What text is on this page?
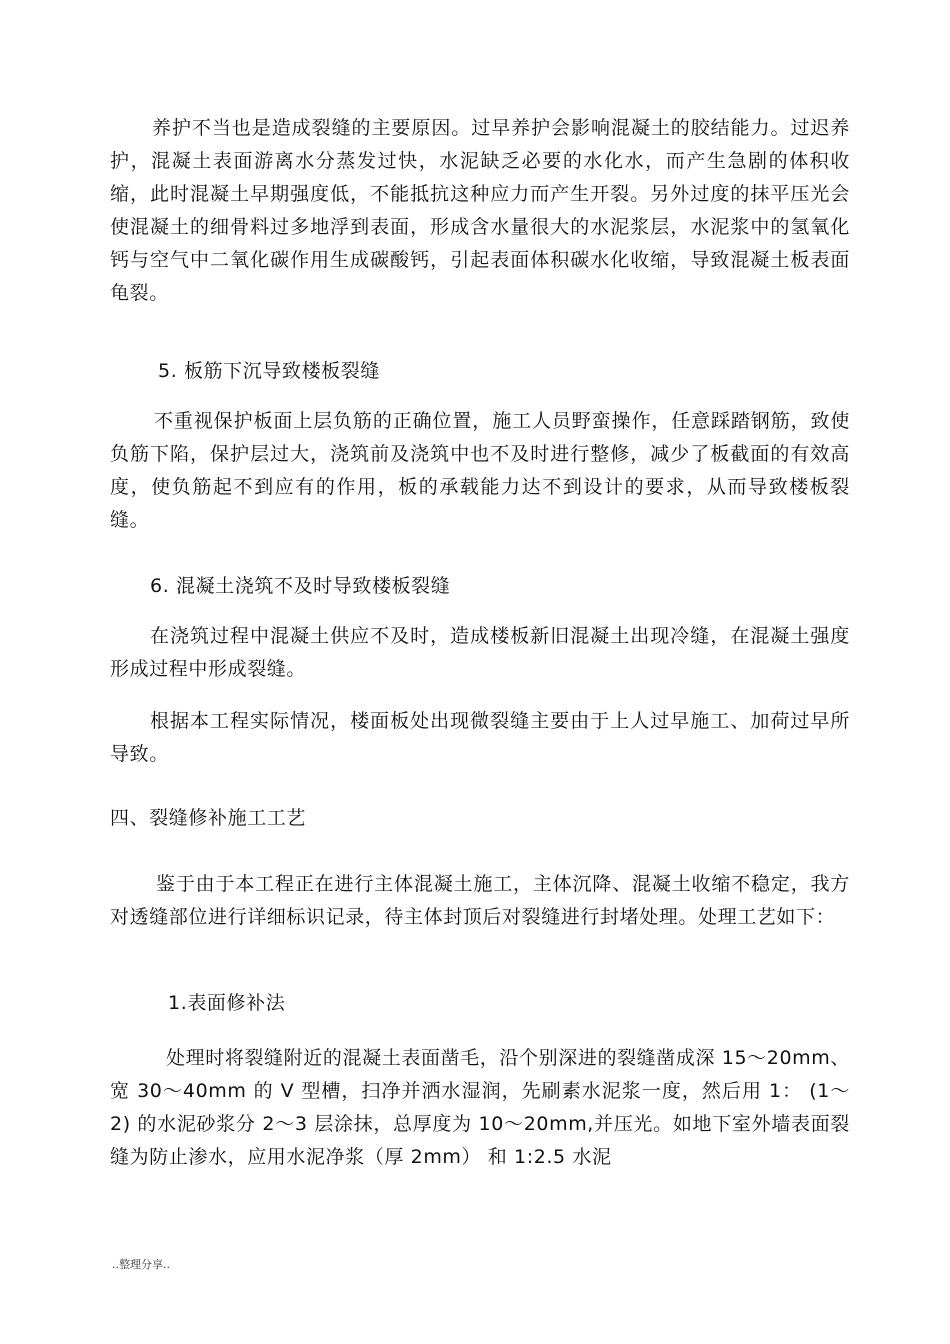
养护不当也是造成裂缝的主要原因。过早养护会影响混凝土的胶结能力。过迟养护，混凝土表面游离水分蒸发过快，水泥缺乏必要的水化水，而产生急剧的体积收缩，此时混凝土早期强度低，不能抵抗这种应力而产生开裂。另外过度的抹平压光会使混凝土的细骨料过多地浮到表面，形成含水量很大的水泥浆层，水泥浆中的氢氧化钙与空气中二氧化碳作用生成碳酸钙，引起表面体积碳水化收缩，导致混凝土板表面龟裂。

5. 板筋下沉导致楼板裂缝

不重视保护板面上层负筋的正确位置，施工人员野蛮操作，任意踩踏钢筋，致使负筋下陷，保护层过大，浇筑前及浇筑中也不及时进行整修，减少了板截面的有效高度，使负筋起不到应有的作用，板的承载能力达不到设计的要求，从而导致楼板裂缝。

6. 混凝土浇筑不及时导致楼板裂缝

在浇筑过程中混凝土供应不及时，造成楼板新旧混凝土出现冷缝，在混凝土强度形成过程中形成裂缝。

根据本工程实际情况，楼面板处出现微裂缝主要由于上人过早施工、加荷过早所导致。

四、裂缝修补施工工艺

鉴于由于本工程正在进行主体混凝土施工，主体沉降、混凝土收缩不稳定，我方对透缝部位进行详细标识记录，待主体封顶后对裂缝进行封堵处理。处理工艺如下：

1.表面修补法

处理时将裂缝附近的混凝土表面凿毛，沿个别深进的裂缝凿成深 15～20mm、宽 30～40mm 的 V 型槽，扫净并洒水湿润，先刷素水泥浆一度，然后用 1： (1～2) 的水泥砂浆分 2～3 层涂抹，总厚度为 10～20mm,并压光。如地下室外墙表面裂缝为防止渗水，应用水泥净浆（厚 2mm） 和 1:2.5 水泥

..整理分享..
